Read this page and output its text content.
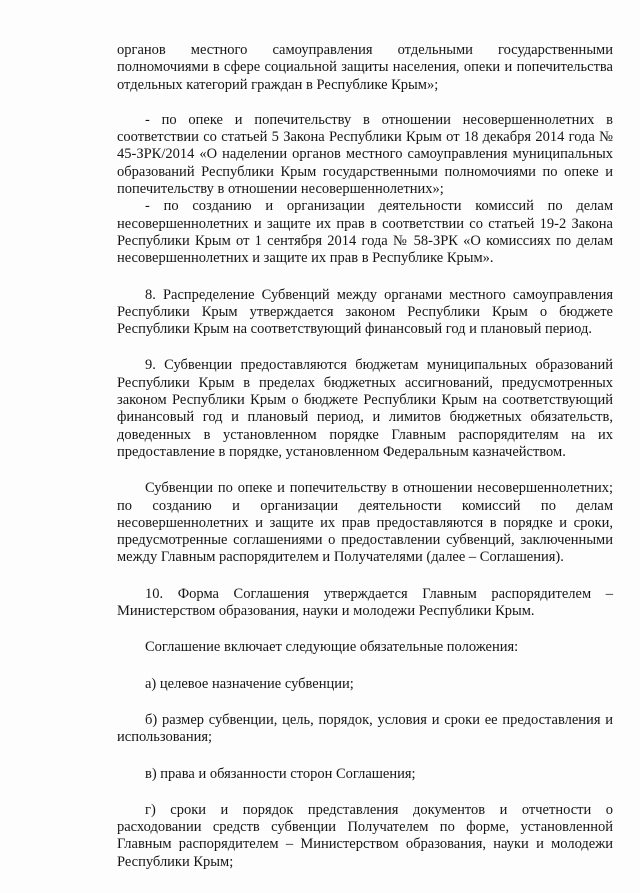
органов местного самоуправления отдельными государственными полномочиями в сфере социальной защиты населения, опеки и попечительства отдельных категорий граждан в Республике Крым»;

- по опеке и попечительству в отношении несовершеннолетних в соответствии со статьей 5 Закона Республики Крым от 18 декабря 2014 года № 45-ЗРК/2014 «О наделении органов местного самоуправления муниципальных образований Республики Крым государственными полномочиями по опеке и попечительству в отношении несовершеннолетних»;

- по созданию и организации деятельности комиссий по делам несовершеннолетних и защите их прав в соответствии со статьей 19-2 Закона Республики Крым от 1 сентября 2014 года № 58-ЗРК «О комиссиях по делам несовершеннолетних и защите их прав в Республике Крым».

8. Распределение Субвенций между органами местного самоуправления Республики Крым утверждается законом Республики Крым о бюджете Республики Крым на соответствующий финансовый год и плановый период.

9. Субвенции предоставляются бюджетам муниципальных образований Республики Крым в пределах бюджетных ассигнований, предусмотренных законом Республики Крым о бюджете Республики Крым на соответствующий финансовый год и плановый период, и лимитов бюджетных обязательств, доведенных в установленном порядке Главным распорядителям на их предоставление в порядке, установленном Федеральным казначейством.

Субвенции по опеке и попечительству в отношении несовершеннолетних; по созданию и организации деятельности комиссий по делам несовершеннолетних и защите их прав предоставляются в порядке и сроки, предусмотренные соглашениями о предоставлении субвенций, заключенными между Главным распорядителем и Получателями (далее – Соглашения).

10. Форма Соглашения утверждается Главным распорядителем – Министерством образования, науки и молодежи Республики Крым.

Соглашение включает следующие обязательные положения:

а) целевое назначение субвенции;

б) размер субвенции, цель, порядок, условия и сроки ее предоставления и использования;

в) права и обязанности сторон Соглашения;

г) сроки и порядок представления документов и отчетности о расходовании средств субвенции Получателем по форме, установленной Главным распорядителем – Министерством образования, науки и молодежи Республики Крым;
